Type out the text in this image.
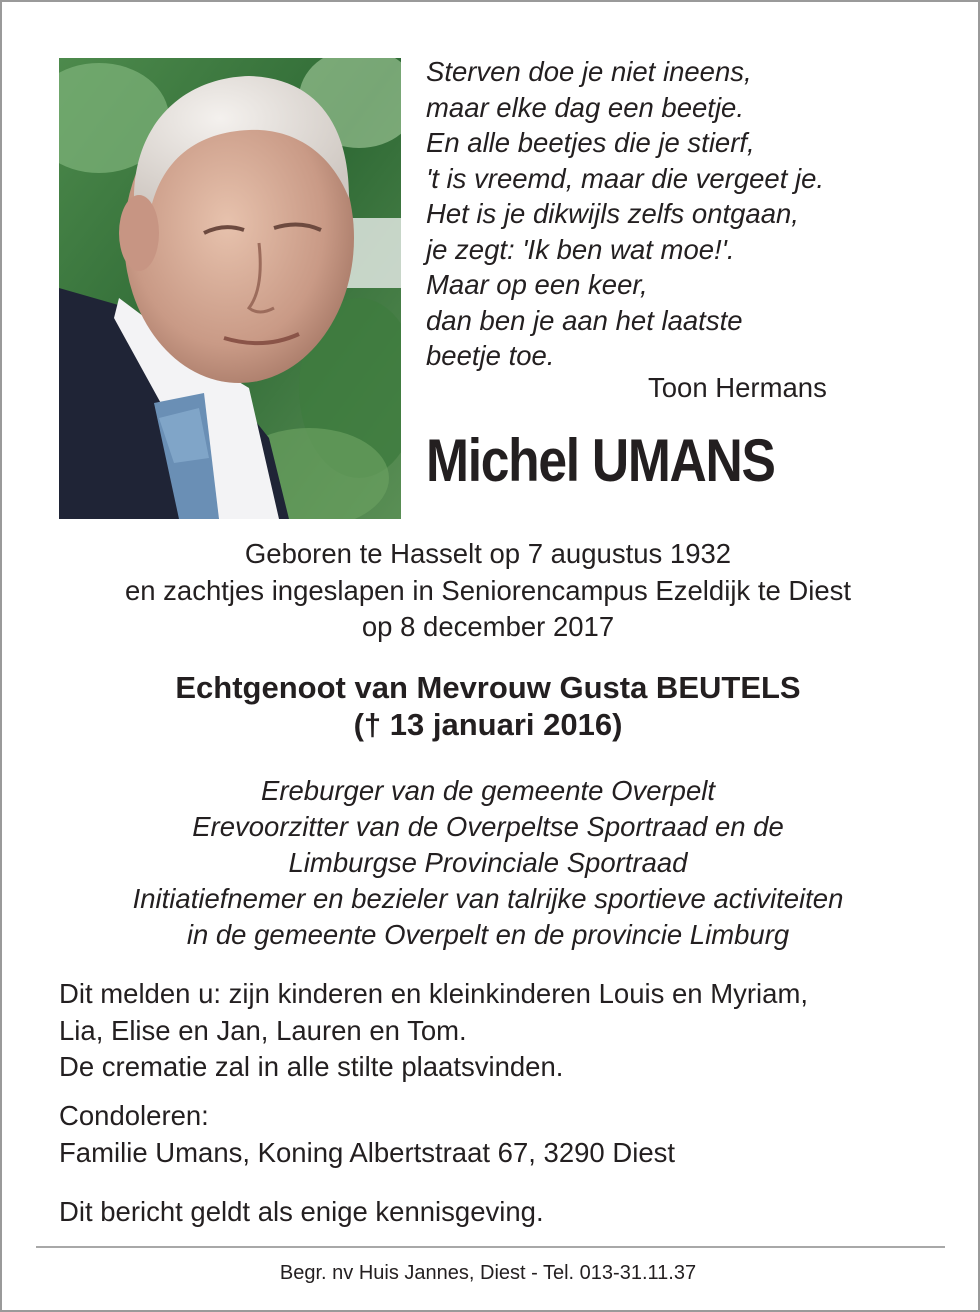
Sterven doe je niet ineens,
maar elke dag een beetje.
En alle beetjes die je stierf,
't is vreemd, maar die vergeet je.
Het is je dikwijls zelfs ontgaan,
je zegt: 'Ik ben wat moe!'.
Maar op een keer,
dan ben je aan het laatste
beetje toe.
Toon Hermans
Michel UMANS
Geboren te Hasselt op 7 augustus 1932
en zachtjes ingeslapen in Seniorencampus Ezeldijk te Diest
op 8 december 2017
Echtgenoot van Mevrouw Gusta BEUTELS
(† 13 januari 2016)
Ereburger van de gemeente Overpelt
Erevoorzitter van de Overpeltse Sportraad en de
Limburgse Provinciale Sportraad
Initiatiefnemer en bezieler van talrijke sportieve activiteiten
in de gemeente Overpelt en de provincie Limburg
Dit melden u: zijn kinderen en kleinkinderen Louis en Myriam,
Lia, Elise en Jan, Lauren en Tom.
De crematie zal in alle stilte plaatsvinden.
Condoleren:
Familie Umans, Koning Albertstraat 67, 3290 Diest
Dit bericht geldt als enige kennisgeving.
Begr. nv Huis Jannes, Diest - Tel. 013-31.11.37
